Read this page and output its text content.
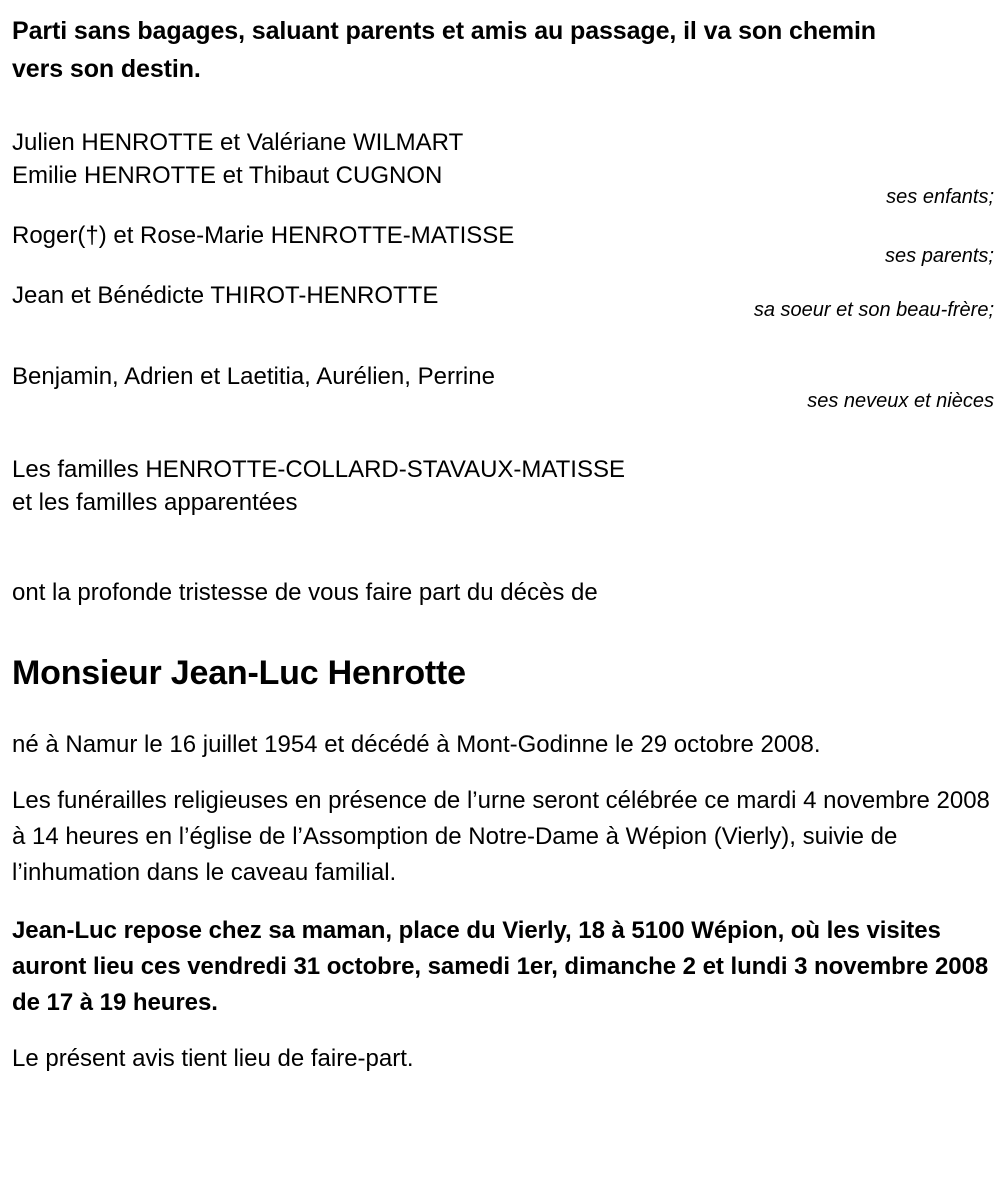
Parti sans bagages, saluant parents et amis au passage, il va son chemin vers son destin.

Julien HENROTTE et Valériane WILMART
Emilie HENROTTE et Thibaut CUGNON
ses enfants;
Roger(†) et Rose-Marie HENROTTE-MATISSE
ses parents;
Jean et Bénédicte THIROT-HENROTTE
sa soeur et son beau-frère;
Benjamin, Adrien et Laetitia, Aurélien, Perrine
ses neveux et nièces
Les familles HENROTTE-COLLARD-STAVAUX-MATISSE
et les familles apparentées
ont la profonde tristesse de vous faire part du décès de
Monsieur Jean-Luc Henrotte

né à Namur le 16 juillet 1954 et décédé à Mont-Godinne le 29 octobre 2008.

Les funérailles religieuses en présence de l’urne seront célébrée ce mardi 4 novembre 2008 à 14 heures en l’église de l’Assomption de Notre-Dame à Wépion (Vierly), suivie de l’inhumation dans le caveau familial.

Jean-Luc repose chez sa maman, place du Vierly, 18 à 5100 Wépion, où les visites auront lieu ces vendredi 31 octobre, samedi 1er, dimanche 2 et lundi 3 novembre 2008 de 17 à 19 heures.

Le présent avis tient lieu de faire-part.
